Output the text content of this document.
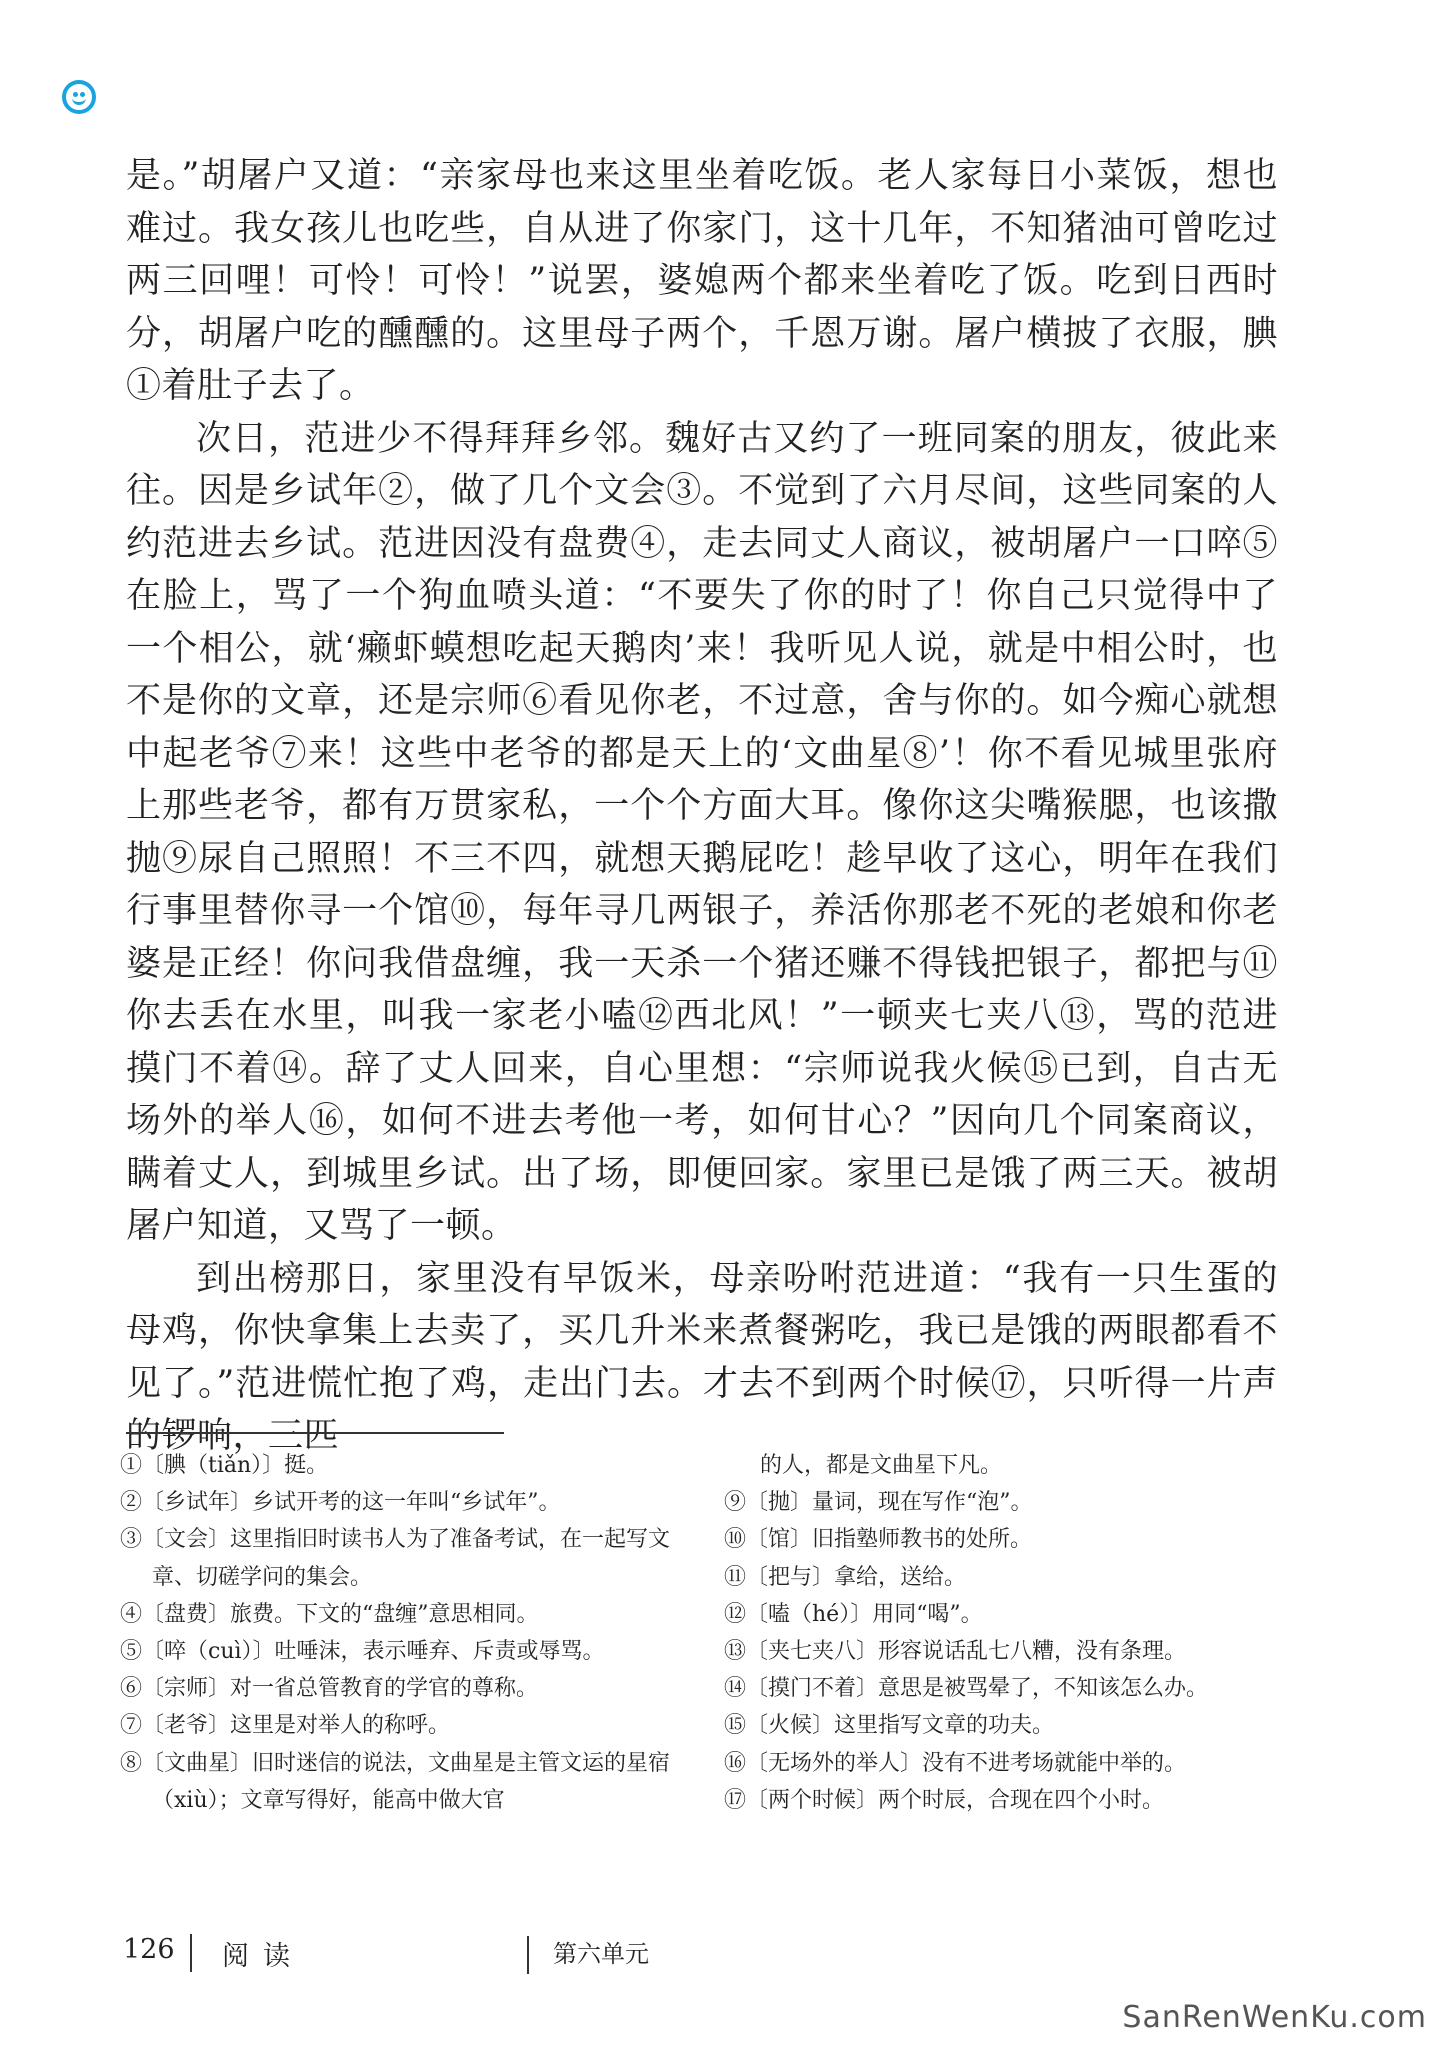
是。”胡屠户又道：“亲家母也来这里坐着吃饭。老人家每日小菜饭，想也难过。我女孩儿也吃些，自从进了你家门，这十几年，不知猪油可曾吃过两三回哩！可怜！可怜！”说罢，婆媳两个都来坐着吃了饭。吃到日西时分，胡屠户吃的醺醺的。这里母子两个，千恩万谢。屠户横披了衣服，腆①着肚子去了。

次日，范进少不得拜拜乡邻。魏好古又约了一班同案的朋友，彼此来往。因是乡试年②，做了几个文会③。不觉到了六月尽间，这些同案的人约范进去乡试。范进因没有盘费④，走去同丈人商议，被胡屠户一口啐⑤在脸上，骂了一个狗血喷头道：“不要失了你的时了！你自己只觉得中了一个相公，就‘癞虾蟆想吃起天鹅肉’来！我听见人说，就是中相公时，也不是你的文章，还是宗师⑥看见你老，不过意，舍与你的。如今痴心就想中起老爷⑦来！这些中老爷的都是天上的‘文曲星⑧’！你不看见城里张府上那些老爷，都有万贯家私，一个个方面大耳。像你这尖嘴猴腮，也该撒抛⑨尿自己照照！不三不四，就想天鹅屁吃！趁早收了这心，明年在我们行事里替你寻一个馆⑩，每年寻几两银子，养活你那老不死的老娘和你老婆是正经！你问我借盘缠，我一天杀一个猪还赚不得钱把银子，都把与⑪你去丢在水里，叫我一家老小嗑⑫西北风！”一顿夹七夹八⑬，骂的范进摸门不着⑭。辞了丈人回来，自心里想：“宗师说我火候⑮已到，自古无场外的举人⑯，如何不进去考他一考，如何甘心？”因向几个同案商议，瞒着丈人，到城里乡试。出了场，即便回家。家里已是饿了两三天。被胡屠户知道，又骂了一顿。

到出榜那日，家里没有早饭米，母亲吩咐范进道：“我有一只生蛋的母鸡，你快拿集上去卖了，买几升米来煮餐粥吃，我已是饿的两眼都看不见了。”范进慌忙抱了鸡，走出门去。才去不到两个时候⑰，只听得一片声的锣响，三匹

①〔腆（tiǎn）〕挺。
②〔乡试年〕乡试开考的这一年叫“乡试年”。
③〔文会〕这里指旧时读书人为了准备考试，在一起写文章、切磋学问的集会。
④〔盘费〕旅费。下文的“盘缠”意思相同。
⑤〔啐（cuì）〕吐唾沫，表示唾弃、斥责或辱骂。
⑥〔宗师〕对一省总管教育的学官的尊称。
⑦〔老爷〕这里是对举人的称呼。
⑧〔文曲星〕旧时迷信的说法，文曲星是主管文运的星宿（xiù）；文章写得好，能高中做大官
的人，都是文曲星下凡。
⑨〔抛〕量词，现在写作“泡”。
⑩〔馆〕旧指塾师教书的处所。
⑪〔把与〕拿给，送给。
⑫〔嗑（hé）〕用同“喝”。
⑬〔夹七夹八〕形容说话乱七八糟，没有条理。
⑭〔摸门不着〕意思是被骂晕了，不知该怎么办。
⑮〔火候〕这里指写文章的功夫。
⑯〔无场外的举人〕没有不进考场就能中举的。
⑰〔两个时候〕两个时辰，合现在四个小时。
126 阅读	第六单元
SanRenWenKu.com
